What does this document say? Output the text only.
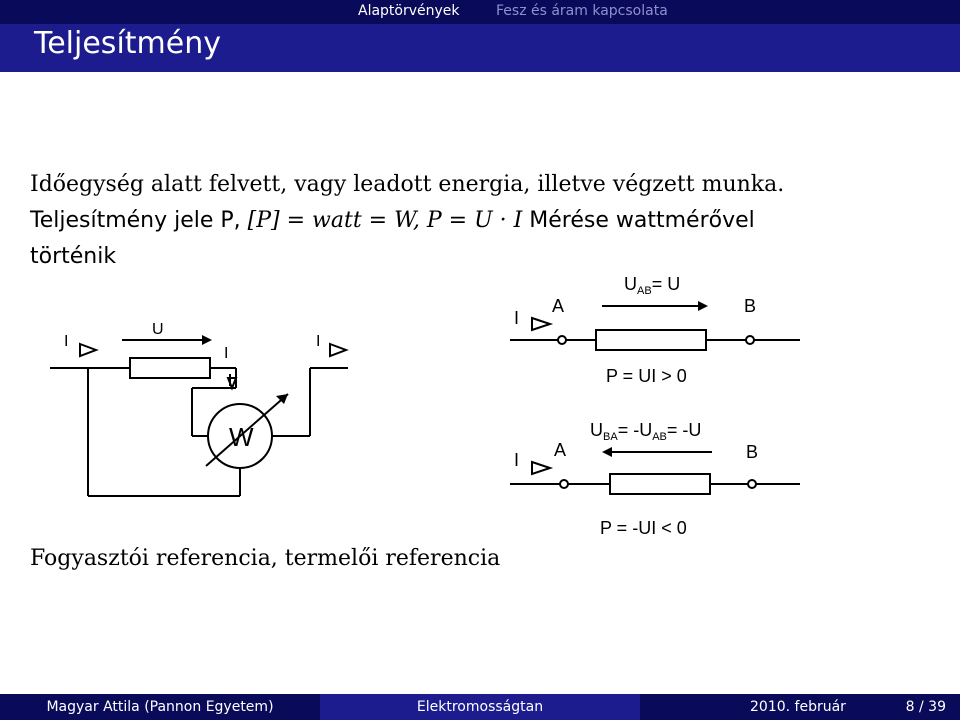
Alaptörvények	Fesz és áram kapcsolata
Teljesítmény
Időegység alatt felvett, vagy leadott energia, illetve végzett munka.
Teljesítmény jele P, [P] = watt = W, P = U · I Mérése wattmérővel
történik
I
U
I
I
W
$U_{AB}= U$
I
A	B
P = UI > 0
$U_{BA}= -U_{AB}= -U$
I A	B
P = -UI < 0
Fogyasztói referencia, termelői referencia
Magyar Attila (Pannon Egyetem)	Elektromosságtan	2010. február	8 / 39
